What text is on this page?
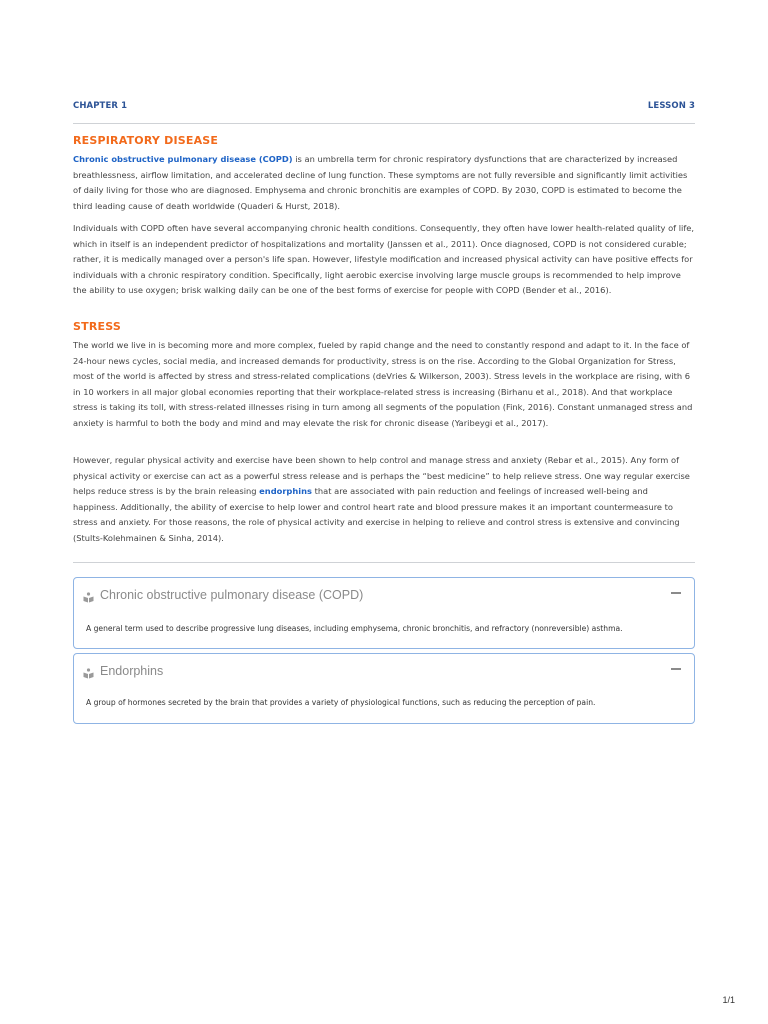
CHAPTER 1	LESSON 3
RESPIRATORY DISEASE

Chronic obstructive pulmonary disease (COPD) is an umbrella term for chronic respiratory dysfunctions that are characterized by increased breathlessness, airflow limitation, and accelerated decline of lung function. These symptoms are not fully reversible and significantly limit activities of daily living for those who are diagnosed. Emphysema and chronic bronchitis are examples of COPD. By 2030, COPD is estimated to become the third leading cause of death worldwide (Quaderi & Hurst, 2018).

Individuals with COPD often have several accompanying chronic health conditions. Consequently, they often have lower health-related quality of life, which in itself is an independent predictor of hospitalizations and mortality (Janssen et al., 2011). Once diagnosed, COPD is not considered curable; rather, it is medically managed over a person's life span. However, lifestyle modification and increased physical activity can have positive effects for individuals with a chronic respiratory condition. Specifically, light aerobic exercise involving large muscle groups is recommended to help improve the ability to use oxygen; brisk walking daily can be one of the best forms of exercise for people with COPD (Bender et al., 2016).

STRESS

The world we live in is becoming more and more complex, fueled by rapid change and the need to constantly respond and adapt to it. In the face of 24-hour news cycles, social media, and increased demands for productivity, stress is on the rise. According to the Global Organization for Stress, most of the world is affected by stress and stress-related complications (deVries & Wilkerson, 2003). Stress levels in the workplace are rising, with 6 in 10 workers in all major global economies reporting that their workplace-related stress is increasing (Birhanu et al., 2018). And that workplace stress is taking its toll, with stress-related illnesses rising in turn among all segments of the population (Fink, 2016). Constant unmanaged stress and anxiety is harmful to both the body and mind and may elevate the risk for chronic disease (Yaribeygi et al., 2017).

However, regular physical activity and exercise have been shown to help control and manage stress and anxiety (Rebar et al., 2015). Any form of physical activity or exercise can act as a powerful stress release and is perhaps the “best medicine” to help relieve stress. One way regular exercise helps reduce stress is by the brain releasing endorphins that are associated with pain reduction and feelings of increased well-being and happiness. Additionally, the ability of exercise to help lower and control heart rate and blood pressure makes it an important countermeasure to stress and anxiety. For those reasons, the role of physical activity and exercise in helping to relieve and control stress is extensive and convincing (Stults-Kolehmainen & Sinha, 2014).

Chronic obstructive pulmonary disease (COPD)
A general term used to describe progressive lung diseases, including emphysema, chronic bronchitis, and refractory (nonreversible) asthma.
Endorphins
A group of hormones secreted by the brain that provides a variety of physiological functions, such as reducing the perception of pain.
1/1
